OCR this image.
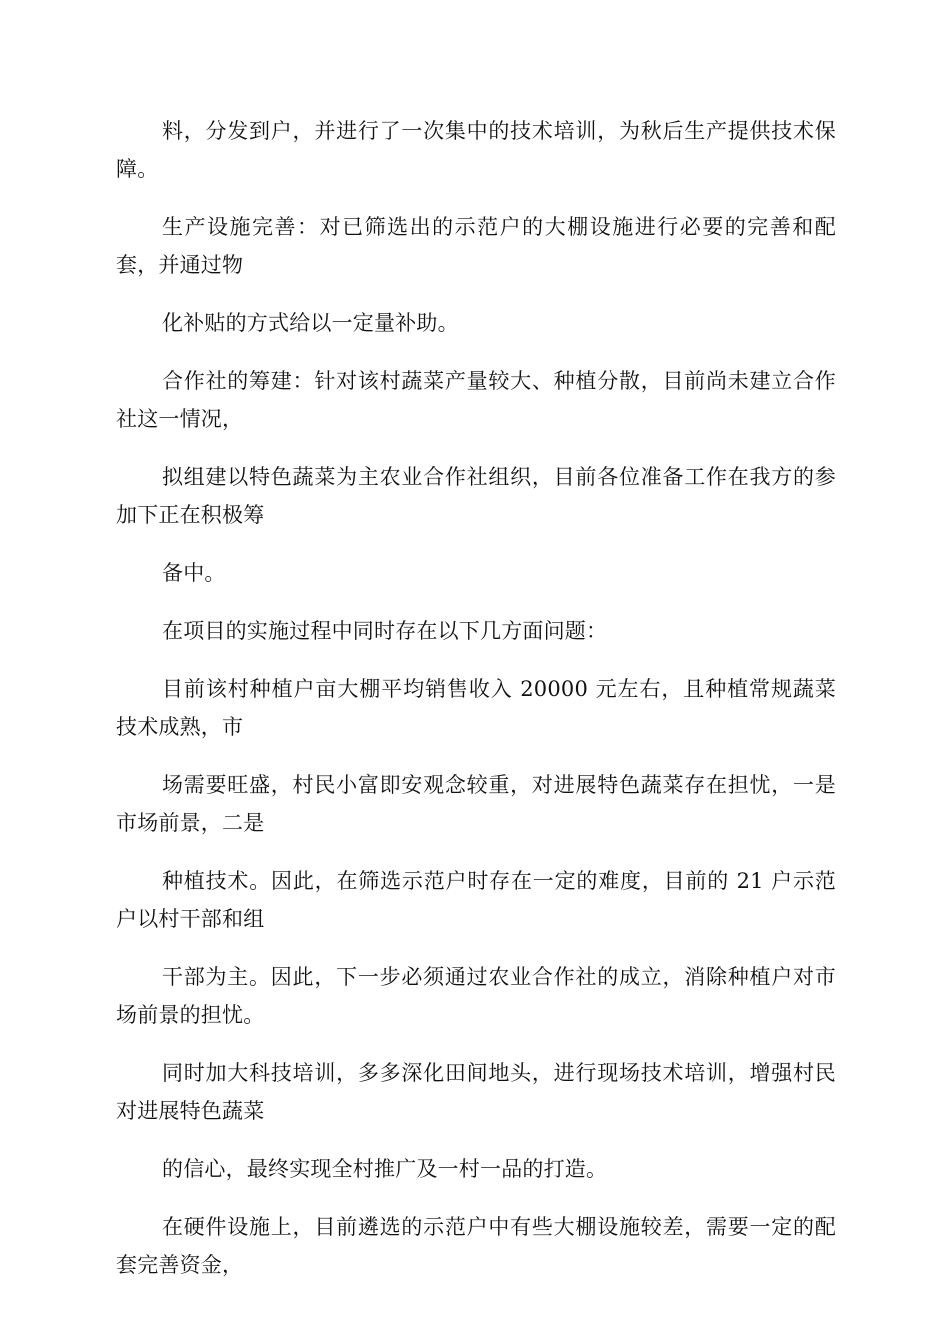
料，分发到户，并进行了一次集中的技术培训，为秋后生产提供技术保障。

生产设施完善：对已筛选出的示范户的大棚设施进行必要的完善和配套，并通过物

化补贴的方式给以一定量补助。

合作社的筹建：针对该村蔬菜产量较大、种植分散，目前尚未建立合作社这一情况，

拟组建以特色蔬菜为主农业合作社组织，目前各位准备工作在我方的参加下正在积极筹

备中。

在项目的实施过程中同时存在以下几方面问题：

目前该村种植户亩大棚平均销售收入 20000 元左右，且种植常规蔬菜技术成熟，市

场需要旺盛，村民小富即安观念较重，对进展特色蔬菜存在担忧，一是市场前景，二是

种植技术。因此，在筛选示范户时存在一定的难度，目前的 21 户示范户以村干部和组

干部为主。因此，下一步必须通过农业合作社的成立，消除种植户对市场前景的担忧。

同时加大科技培训，多多深化田间地头，进行现场技术培训，增强村民对进展特色蔬菜

的信心，最终实现全村推广及一村一品的打造。

在硬件设施上，目前遴选的示范户中有些大棚设施较差，需要一定的配套完善资金，
